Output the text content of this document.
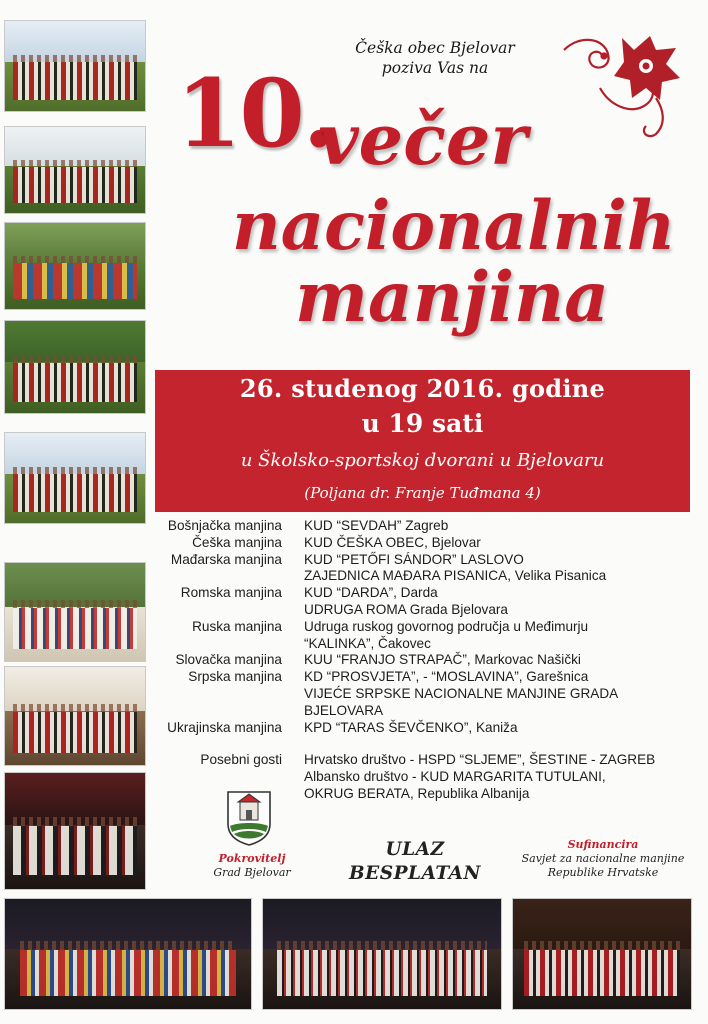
Češka obec Bjelovar
poziva Vas na
10.
večer
nacionalnih
manjina
26. studenog 2016. godine
u 19 sati
u Školsko-sportskoj dvorani u Bjelovaru
(Poljana dr. Franje Tuđmana 4)
Bošnjačka manjina	KUD “SEVDAH” Zagreb
Češka manjina	KUD ČEŠKA OBEC, Bjelovar
Mađarska manjina	KUD “PETŐFI SÁNDOR” LASLOVO
ZAJEDNICA MAĐARA PISANICA, Velika Pisanica
Romska manjina	KUD “DARDA”, Darda
UDRUGA ROMA Grada Bjelovara
Ruska manjina	Udruga ruskog govornog područja u Međimurju
“KALINKA”, Čakovec
Slovačka manjina	KUU “FRANJO STRAPAČ”, Markovac Našički
Srpska manjina	KD “PROSVJETA”, - “MOSLAVINA”, Garešnica
VIJEĆE SRPSKE NACIONALNE MANJINE GRADA
BJELOVARA
Ukrajinska manjina	KPD “TARAS ŠEVČENKO”, Kaniža
Posebni gosti	Hrvatsko društvo - HSPD “SLJEME”, ŠESTINE - ZAGREB
Albansko društvo - KUD MARGARITA TUTULANI,
OKRUG BERATA, Republika Albanija
Pokrovitelj
Grad Bjelovar
ULAZ
BESPLATAN
Sufinancira
Savjet za nacionalne manjine
Republike Hrvatske
